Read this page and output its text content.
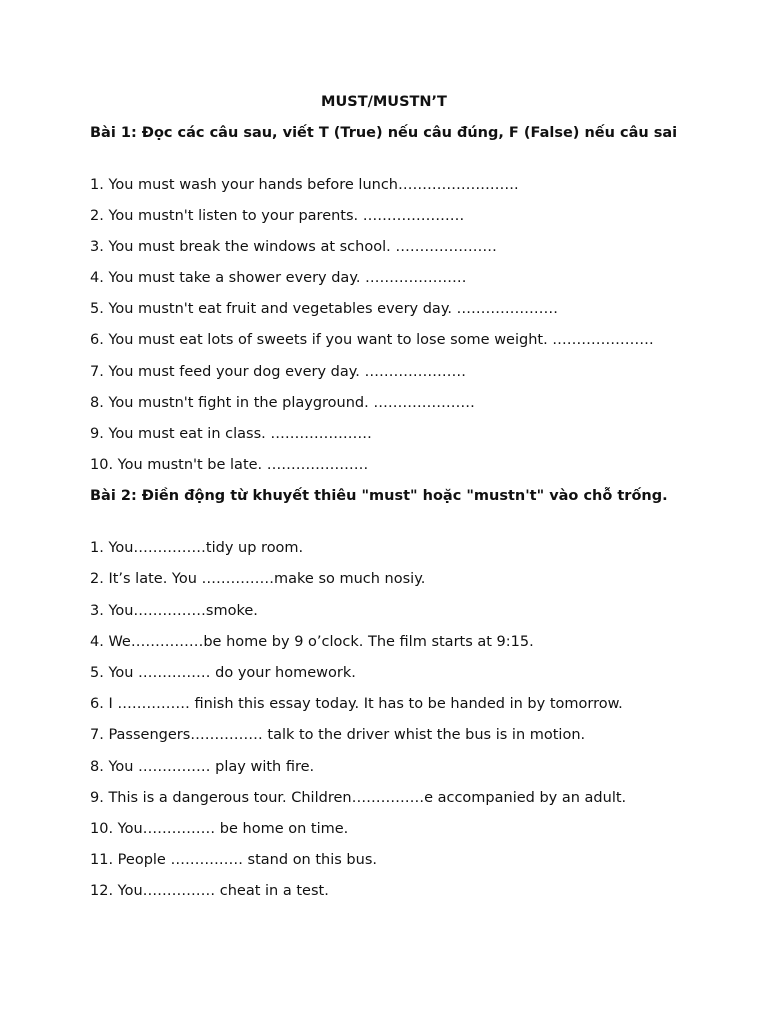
MUST/MUSTN’T
Bài 1: Đọc các câu sau, viết T (True) nếu câu đúng, F (False) nếu câu sai
1. You must wash your hands before lunch…………………….
2. You mustn't listen to your parents. …………………
3. You must break the windows at school. …………………
4. You must take a shower every day. …………………
5. You mustn't eat fruit and vegetables every day. …………………
6. You must eat lots of sweets if you want to lose some weight. …………………
7. You must feed your dog every day. …………………
8. You mustn't fight in the playground. …………………
9. You must eat in class. …………………
10. You mustn't be late. …………………
Bài 2: Điền động từ khuyết thiêu "must" hoặc "mustn't" vào chỗ trống.
1. You……………tidy up room.
2. It’s late. You ……………make so much nosiy.
3. You……………smoke.
4. We……………be home by 9 o’clock. The film starts at 9:15.
5. You …………… do your homework.
6. I …………… finish this essay today. It has to be handed in by tomorrow.
7. Passengers…………… talk to the driver whist the bus is in motion.
8. You …………… play with fire.
9. This is a dangerous tour. Children……………e accompanied by an adult.
10. You…………… be home on time.
11. People …………… stand on this bus.
12. You…………… cheat in a test.
